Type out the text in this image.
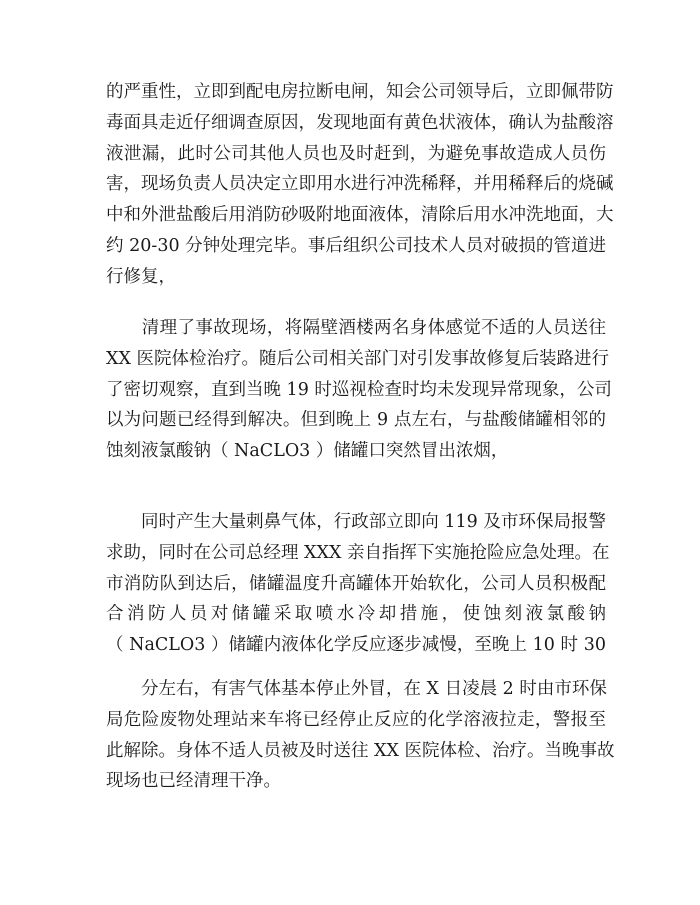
的严重性，立即到配电房拉断电闸，知会公司领导后，立即佩带防
毒面具走近仔细调查原因，发现地面有黄色状液体，确认为盐酸溶
液泄漏，此时公司其他人员也及时赶到，为避免事故造成人员伤
害，现场负责人员决定立即用水进行冲洗稀释，并用稀释后的烧碱
中和外泄盐酸后用消防砂吸附地面液体，清除后用水冲洗地面，大
约 20-30 分钟处理完毕。事后组织公司技术人员对破损的管道进
行修复，

　　清理了事故现场，将隔壁酒楼两名身体感觉不适的人员送往
XX 医院体检治疗。随后公司相关部门对引发事故修复后装路进行
了密切观察，直到当晚 19 时巡视检查时均未发现异常现象，公司
以为问题已经得到解决。但到晚上 9 点左右，与盐酸储罐相邻的
蚀刻液氯酸钠（ NaCLO3 ）储罐口突然冒出浓烟，

　　同时产生大量刺鼻气体，行政部立即向 119 及市环保局报警
求助，同时在公司总经理 XXX 亲自指挥下实施抢险应急处理。在
市消防队到达后，储罐温度升高罐体开始软化，公司人员积极配
合消防人员对储罐采取喷水冷却措施，使蚀刻液氯酸钠
（ NaCLO3 ）储罐内液体化学反应逐步减慢，至晚上 10 时 30

　　分左右，有害气体基本停止外冒，在 X 日凌晨 2 时由市环保
局危险废物处理站来车将已经停止反应的化学溶液拉走，警报至
此解除。身体不适人员被及时送往 XX 医院体检、治疗。当晚事故
现场也已经清理干净。
